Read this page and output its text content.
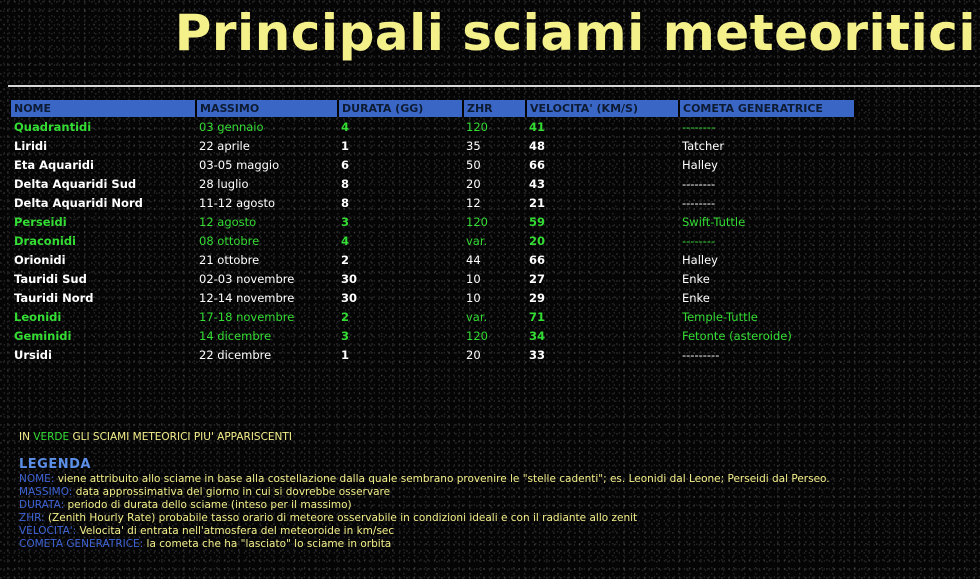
Principali sciami meteoritici
NOME	MASSIMO	DURATA (GG)	ZHR	VELOCITA' (KM/S)	COMETA GENERATRICE
Quadrantidi	03 gennaio	4	120	41	--------
Liridi	22 aprile	1	35	48	Tatcher
Eta Aquaridi	03-05 maggio	6	50	66	Halley
Delta Aquaridi Sud	28 luglio	8	20	43	--------
Delta Aquaridi Nord	11-12 agosto	8	12	21	--------
Perseidi	12 agosto	3	120	59	Swift-Tuttle
Draconidi	08 ottobre	4	var.	20	--------
Orionidi	21 ottobre	2	44	66	Halley
Tauridi Sud	02-03 novembre	30	10	27	Enke
Tauridi Nord	12-14 novembre	30	10	29	Enke
Leonidi	17-18 novembre	2	var.	71	Temple-Tuttle
Geminidi	14 dicembre	3	120	34	Fetonte (asteroide)
Ursidi	22 dicembre	1	20	33	---------
IN VERDE GLI SCIAMI METEORICI PIU' APPARISCENTI
LEGENDA
NOME: viene attribuito allo sciame in base alla costellazione dalla quale sembrano provenire le "stelle cadenti"; es. Leonidi dal Leone; Perseidi dal Perseo.
MASSIMO: data approssimativa del giorno in cui si dovrebbe osservare
DURATA: periodo di durata dello sciame (inteso per il massimo)
ZHR: (Zenith Hourly Rate) probabile tasso orario di meteore osservabile in condizioni ideali e con il radiante allo zenit
VELOCITA': Velocita' di entrata nell'atmosfera del meteoroide in km/sec
COMETA GENERATRICE: la cometa che ha "lasciato" lo sciame in orbita
